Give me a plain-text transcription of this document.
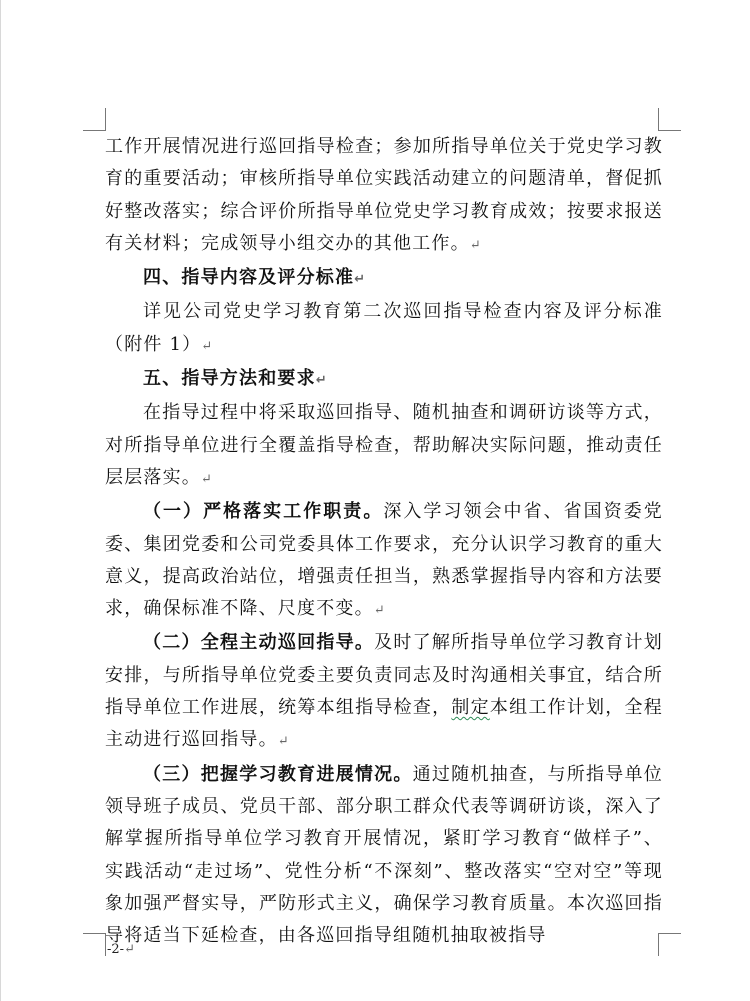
工作开展情况进行巡回指导检查；参加所指导单位关于党史学习教育的重要活动；审核所指导单位实践活动建立的问题清单，督促抓好整改落实；综合评价所指导单位党史学习教育成效；按要求报送有关材料；完成领导小组交办的其他工作。↵

四、指导内容及评分标准↵

详见公司党史学习教育第二次巡回指导检查内容及评分标准（附件 1）↵

五、指导方法和要求↵

在指导过程中将采取巡回指导、随机抽查和调研访谈等方式，对所指导单位进行全覆盖指导检查，帮助解决实际问题，推动责任层层落实。↵

（一）严格落实工作职责。深入学习领会中省、省国资委党委、集团党委和公司党委具体工作要求，充分认识学习教育的重大意义，提高政治站位，增强责任担当，熟悉掌握指导内容和方法要求，确保标准不降、尺度不变。↵

（二）全程主动巡回指导。及时了解所指导单位学习教育计划安排，与所指导单位党委主要负责同志及时沟通相关事宜，结合所指导单位工作进展，统筹本组指导检查，制定本组工作计划，全程主动进行巡回指导。↵

（三）把握学习教育进展情况。通过随机抽查，与所指导单位领导班子成员、党员干部、部分职工群众代表等调研访谈，深入了解掌握所指导单位学习教育开展情况，紧盯学习教育“做样子”、实践活动“走过场”、党性分析“不深刻”、整改落实“空对空”等现象加强严督实导，严防形式主义，确保学习教育质量。本次巡回指导将适当下延检查，由各巡回指导组随机抽取被指导

-2-↵
